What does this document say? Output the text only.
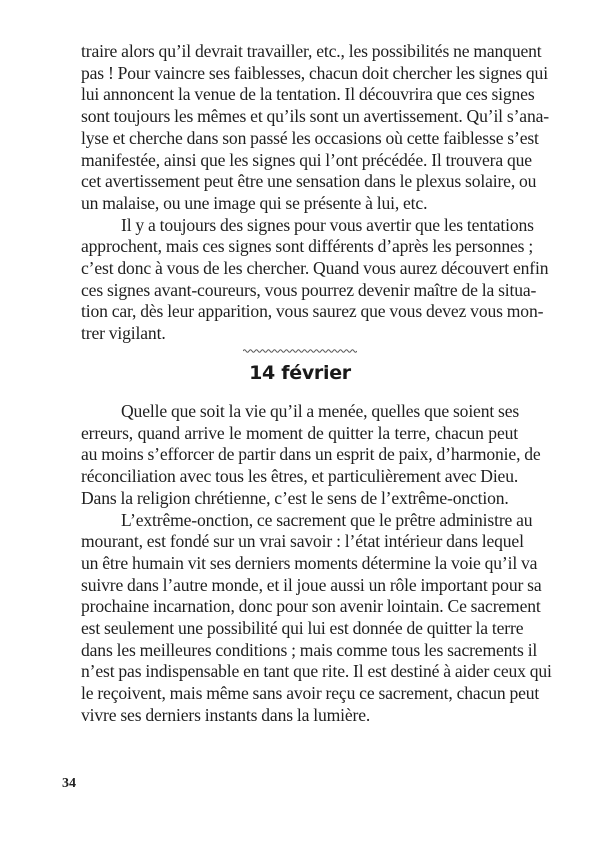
traire alors qu’il devrait travailler, etc., les possibilités ne manquent
pas ! Pour vaincre ses faiblesses, chacun doit chercher les signes qui
lui annoncent la venue de la tentation. Il découvrira que ces signes
sont toujours les mêmes et qu’ils sont un avertissement. Qu’il s’ana-
lyse et cherche dans son passé les occasions où cette faiblesse s’est
manifestée, ainsi que les signes qui l’ont précédée. Il trouvera que
cet avertissement peut être une sensation dans le plexus solaire, ou
un malaise, ou une image qui se présente à lui, etc.

Il y a toujours des signes pour vous avertir que les tentations
approchent, mais ces signes sont différents d’après les personnes ;
c’est donc à vous de les chercher. Quand vous aurez découvert enfin
ces signes avant-coureurs, vous pourrez devenir maître de la situa-
tion car, dès leur apparition, vous saurez que vous devez vous mon-
trer vigilant.

14 février

Quelle que soit la vie qu’il a menée, quelles que soient ses
erreurs, quand arrive le moment de quitter la terre, chacun peut
au moins s’efforcer de partir dans un esprit de paix, d’harmonie, de
réconciliation avec tous les êtres, et particulièrement avec Dieu.
Dans la religion chrétienne, c’est le sens de l’extrême-onction.

L’extrême-onction, ce sacrement que le prêtre administre au
mourant, est fondé sur un vrai savoir : l’état intérieur dans lequel
un être humain vit ses derniers moments détermine la voie qu’il va
suivre dans l’autre monde, et il joue aussi un rôle important pour sa
prochaine incarnation, donc pour son avenir lointain. Ce sacrement
est seulement une possibilité qui lui est donnée de quitter la terre
dans les meilleures conditions ; mais comme tous les sacrements il
n’est pas indispensable en tant que rite. Il est destiné à aider ceux qui
le reçoivent, mais même sans avoir reçu ce sacrement, chacun peut
vivre ses derniers instants dans la lumière.

34
